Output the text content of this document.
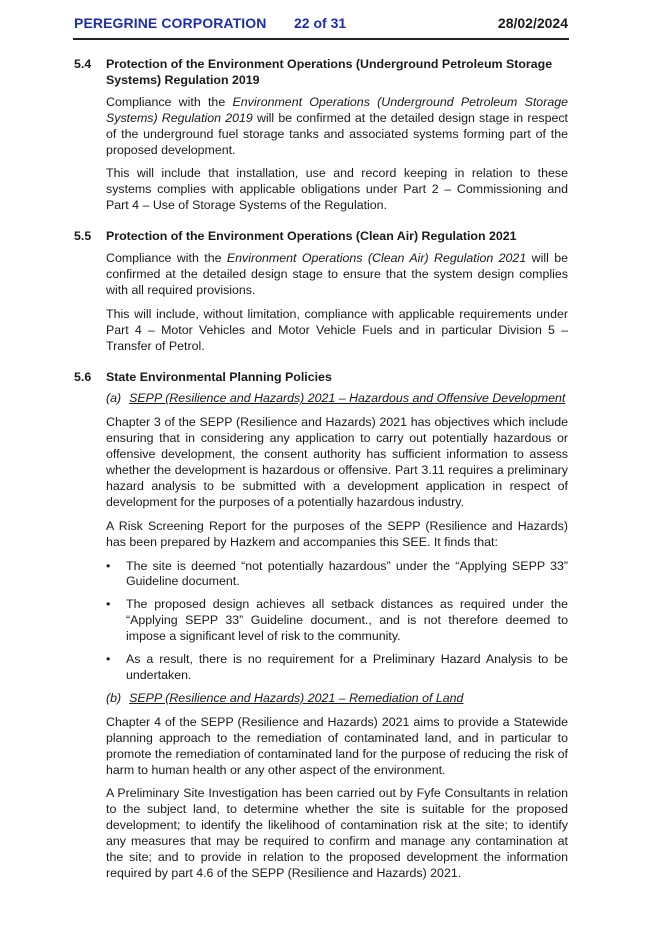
PEREGRINE CORPORATION 22 of 31	28/02/2024
5.4 Protection of the Environment Operations (Underground Petroleum Storage Systems) Regulation 2019

Compliance with the Environment Operations (Underground Petroleum Storage Systems) Regulation 2019 will be confirmed at the detailed design stage in respect of the underground fuel storage tanks and associated systems forming part of the proposed development.

This will include that installation, use and record keeping in relation to these systems complies with applicable obligations under Part 2 – Commissioning and Part 4 – Use of Storage Systems of the Regulation.

5.5 Protection of the Environment Operations (Clean Air) Regulation 2021

Compliance with the Environment Operations (Clean Air) Regulation 2021 will be confirmed at the detailed design stage to ensure that the system design complies with all required provisions.

This will include, without limitation, compliance with applicable requirements under Part 4 – Motor Vehicles and Motor Vehicle Fuels and in particular Division 5 – Transfer of Petrol.

5.6 State Environmental Planning Policies

(a) SEPP (Resilience and Hazards) 2021 – Hazardous and Offensive Development

Chapter 3 of the SEPP (Resilience and Hazards) 2021 has objectives which include ensuring that in considering any application to carry out potentially hazardous or offensive development, the consent authority has sufficient information to assess whether the development is hazardous or offensive. Part 3.11 requires a preliminary hazard analysis to be submitted with a development application in respect of development for the purposes of a potentially hazardous industry.

A Risk Screening Report for the purposes of the SEPP (Resilience and Hazards) has been prepared by Hazkem and accompanies this SEE. It finds that:

• The site is deemed “not potentially hazardous” under the “Applying SEPP 33” Guideline document.
• The proposed design achieves all setback distances as required under the “Applying SEPP 33” Guideline document., and is not therefore deemed to impose a significant level of risk to the community.
• As a result, there is no requirement for a Preliminary Hazard Analysis to be undertaken.

(b) SEPP (Resilience and Hazards) 2021 – Remediation of Land

Chapter 4 of the SEPP (Resilience and Hazards) 2021 aims to provide a Statewide planning approach to the remediation of contaminated land, and in particular to promote the remediation of contaminated land for the purpose of reducing the risk of harm to human health or any other aspect of the environment.

A Preliminary Site Investigation has been carried out by Fyfe Consultants in relation to the subject land, to determine whether the site is suitable for the proposed development; to identify the likelihood of contamination risk at the site; to identify any measures that may be required to confirm and manage any contamination at the site; and to provide in relation to the proposed development the information required by part 4.6 of the SEPP (Resilience and Hazards) 2021.
